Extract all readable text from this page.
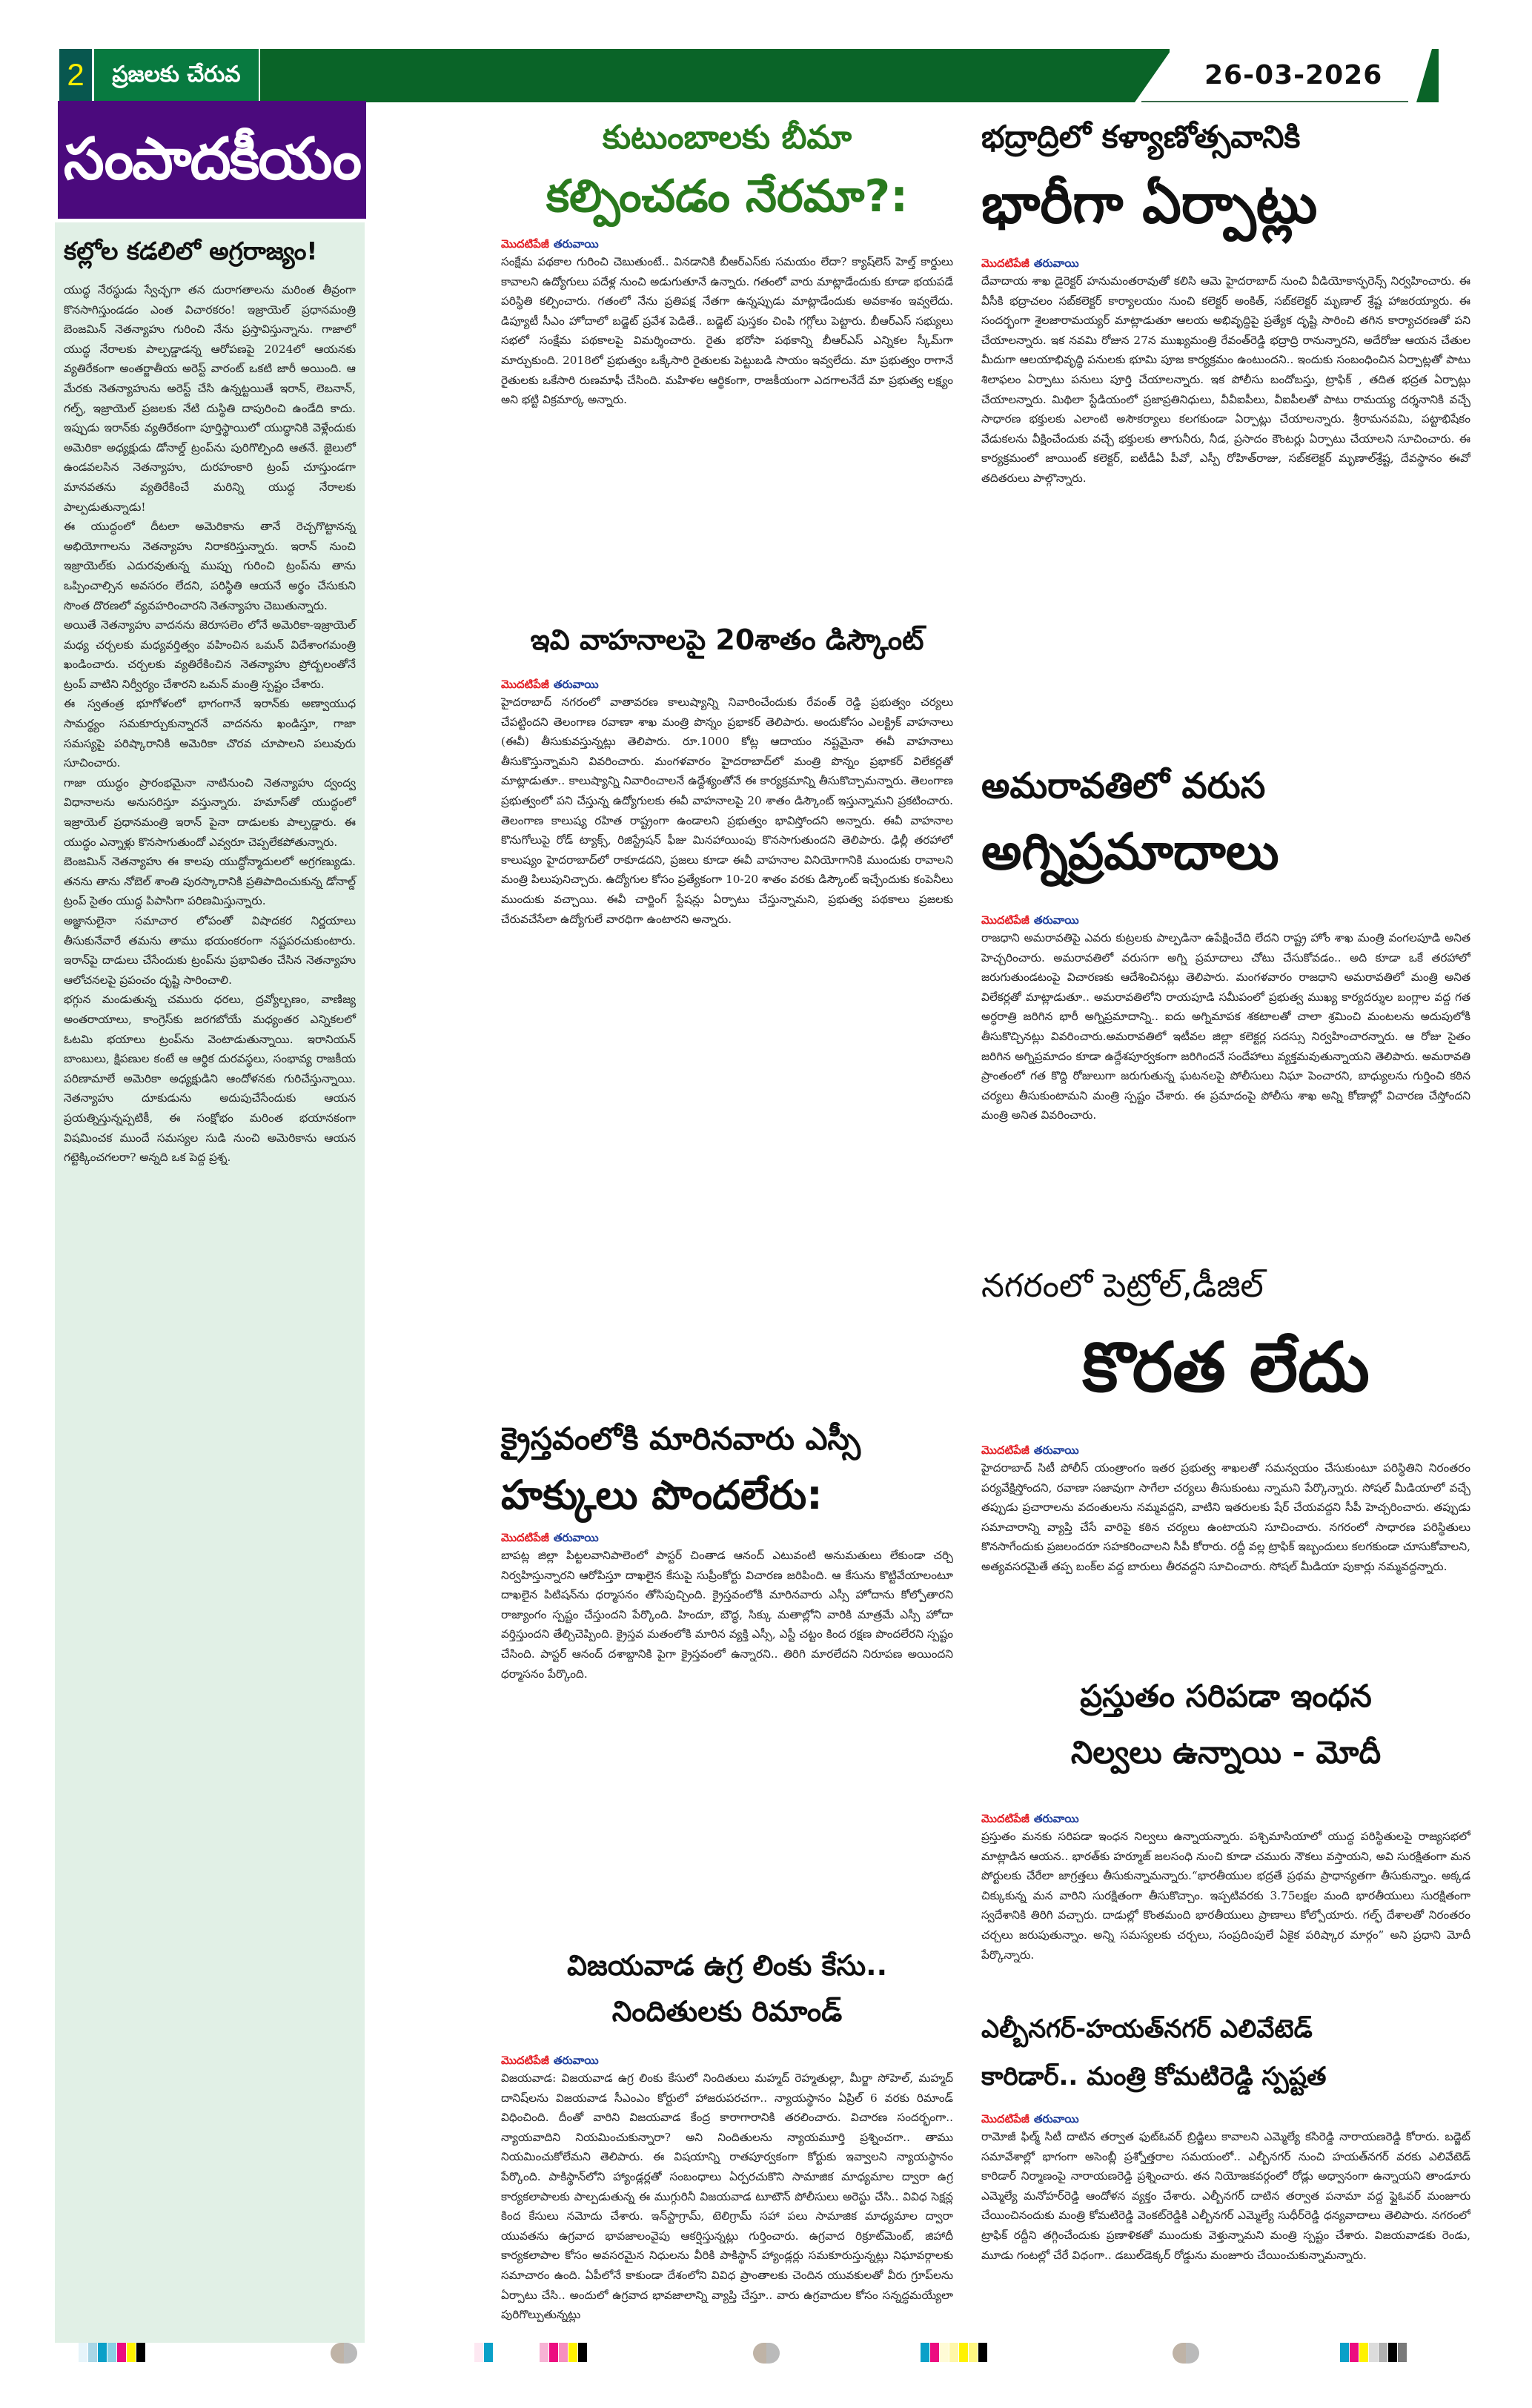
2	ప్రజలకు చేరువ	26-03-2026
సంపాదకీయం
కల్లోల కడలిలో అగ్రరాజ్యం!

యుద్ధ నేరస్థుడు స్వేచ్ఛగా తన దురాగతాలను మరింత తీవ్రంగా కొనసాగిస్తుండడం ఎంత విచారకరం! ఇజ్రాయెల్ ప్రధానమంత్రి బెంజమిన్ నెతన్యాహు గురించి నేను ప్రస్తావిస్తున్నాను. గాజాలో యుద్ధ నేరాలకు పాల్పడ్డాడన్న ఆరోపణపై 2024లో ఆయనకు వ్యతిరేకంగా అంతర్జాతీయ అరెస్ట్ వారంట్ ఒకటి జారీ అయింది. ఆ మేరకు నెతన్యాహును అరెస్ట్ చేసి ఉన్నట్టయితే ఇరాన్, లెబనాన్, గల్ఫ్, ఇజ్రాయెల్ ప్రజలకు నేటి దుస్థితి దాపురించి ఉండేది కాదు. ఇప్పుడు ఇరాన్‌కు వ్యతిరేకంగా పూర్తిస్థాయిలో యుద్ధానికి వెళ్లేందుకు అమెరికా అధ్యక్షుడు డోనాల్డ్ ట్రంప్‌ను పురిగొల్పింది ఆతనే. జైలులో ఉండవలసిన నెతన్యాహు, దురహంకారి ట్రంప్ చూస్తుండగా మానవతను వ్యతిరేకించే మరిన్ని యుద్ధ నేరాలకు పాల్పడుతున్నాడు!

ఈ యుద్ధంలో దీటలా అమెరికాను తానే రెచ్చగొట్టానన్న అభియోగాలను నెతన్యాహు నిరాకరిస్తున్నారు. ఇరాన్ నుంచి ఇజ్రాయెల్‌కు ఎదురవుతున్న ముప్పు గురించి ట్రంప్‌ను తాను ఒప్పించాల్సిన అవసరం లేదని, పరిస్థితి ఆయనే అర్థం చేసుకుని సొంత దొరణలో వ్యవహరించారని నెతన్యాహు చెబుతున్నారు.

అయితే నెతన్యాహు వాదనను జెరూసలెం లోనే అమెరికా-ఇజ్రాయెల్ మధ్య చర్చలకు మధ్యవర్తిత్వం వహించిన ఒమన్ విదేశాంగమంత్రి ఖండించారు. చర్చలకు వ్యతిరేకించిన నెతన్యాహు ప్రోద్బలంతోనే ట్రంప్ వాటిని నిర్వీర్యం చేశారని ఒమన్ మంత్రి స్పష్టం చేశారు.

ఈ స్వతంత్ర భూగోళంలో భాగంగానే ఇరాన్‌కు అణ్వాయుధ సామర్థ్యం సమకూర్చుకున్నారనే వాదనను ఖండిస్తూ, గాజా సమస్యపై పరిష్కారానికి అమెరికా చొరవ చూపాలని పలువురు సూచించారు.

గాజా యుద్ధం ప్రారంభమైనా నాటినుంచి నెతన్యాహు ద్వంద్వ విధానాలను అనుసరిస్తూ వస్తున్నారు. హమాస్‌తో యుద్ధంలో ఇజ్రాయెల్ ప్రధానమంత్రి ఇరాన్ పైనా దాడులకు పాల్పడ్డారు. ఈ యుద్ధం ఎన్నాళ్లు కొనసాగుతుందో ఎవ్వరూ చెప్పలేకపోతున్నారు.

బెంజమిన్ నెతన్యాహు ఈ కాలపు యుద్ధోన్మాదులలో అగ్రగణ్యుడు. తనను తాను నోబెల్ శాంతి పురస్కారానికి ప్రతిపాదించుకున్న డోనాల్డ్ ట్రంప్ సైతం యుద్ధ పిపాసిగా పరిణమిస్తున్నారు.

అజ్ఞానులైనా సమాచార లోపంతో విషాదకర నిర్ణయాలు తీసుకునేవారే తమను తాము భయంకరంగా నష్టపరచుకుంటారు. ఇరాన్‌పై దాడులు చేసేందుకు ట్రంప్‌ను ప్రభావితం చేసిన నెతన్యాహు ఆలోచనలపై ప్రపంచం దృష్టి సారించాలి.

భగ్గున మండుతున్న చమురు ధరలు, ద్రవ్యోల్బణం, వాణిజ్య అంతరాయాలు, కాంగ్రెస్‌కు జరగబోయే మధ్యంతర ఎన్నికలలో ఓటమి భయాలు ట్రంప్‌ను వెంటాడుతున్నాయి. ఇరానియన్ బాంబులు, క్షిపణుల కంటే ఆ ఆర్థిక దురవస్థలు, సంభావ్య రాజకీయ పరిణామాలే అమెరికా అధ్యక్షుడిని ఆందోళనకు గురిచేస్తున్నాయి. నెతన్యాహు దూకుడును అదుపుచేసేందుకు ఆయన ప్రయత్నిస్తున్నప్పటికీ, ఈ సంక్షోభం మరింత భయానకంగా విషమించక ముందే సమస్యల సుడి నుంచి అమెరికాను ఆయన గట్టెక్కించగలరా? అన్నది ఒక పెద్ద ప్రశ్న.

కుటుంబాలకు బీమా
కల్పించడం నేరమా?:
మొదటిపేజీ తరువాయి
సంక్షేమ పథకాల గురించి చెబుతుంటే.. వినడానికి బీఆర్‌ఎస్‌కు సమయం లేదా? క్యాష్‌లెస్ హెల్త్ కార్డులు కావాలని ఉద్యోగులు పదేళ్ల నుంచి అడుగుతూనే ఉన్నారు. గతంలో వారు మాట్లాడేందుకు కూడా భయపడే పరిస్థితి కల్పించారు. గతంలో నేను ప్రతిపక్ష నేతగా ఉన్నప్పుడు మాట్లాడేందుకు అవకాశం ఇవ్వలేదు. డిప్యూటీ సీఎం హోదాలో బడ్జెట్ ప్రవేశ పెడితే.. బడ్జెట్ పుస్తకం చింపి గగ్గోలు పెట్టారు. బీఆర్‌ఎస్ సభ్యులు సభలో సంక్షేమ పథకాలపై విమర్శించారు. రైతు భరోసా పథకాన్ని బీఆర్‌ఎస్ ఎన్నికల స్కీమ్‌గా మార్చుకుంది. 2018లో ప్రభుత్వం ఒక్కేసారి రైతులకు పెట్టుబడి సాయం ఇవ్వలేదు. మా ప్రభుత్వం రాగానే రైతులకు ఒకేసారి రుణమాఫీ చేసింది. మహిళల ఆర్థికంగా, రాజకీయంగా ఎదగాలనేదే మా ప్రభుత్వ లక్ష్యం అని భట్టి విక్రమార్క అన్నారు.
ఇవి వాహనాలపై 20శాతం డిస్కౌంట్
మొదటిపేజీ తరువాయి
హైదరాబాద్ నగరంలో వాతావరణ కాలుష్యాన్ని నివారించేందుకు రేవంత్ రెడ్డి ప్రభుత్వం చర్యలు చేపట్టిందని తెలంగాణ రవాణా శాఖ మంత్రి పొన్నం ప్రభాకర్ తెలిపారు. అందుకోసం ఎలక్ట్రిక్ వాహనాలు (ఈవీ) తీసుకువస్తున్నట్లు తెలిపారు. రూ.1000 కోట్ల ఆదాయం నష్టమైనా ఈవీ వాహనాలు తీసుకొస్తున్నామని వివరించారు. మంగళవారం హైదరాబాద్‌లో మంత్రి పొన్నం ప్రభాకర్ విలేకర్లతో మాట్లాడుతూ.. కాలుష్యాన్ని నివారించాలనే ఉద్దేశ్యంతోనే ఈ కార్యక్రమాన్ని తీసుకొచ్చామన్నారు. తెలంగాణ ప్రభుత్వంలో పని చేస్తున్న ఉద్యోగులకు ఈవీ వాహనాలపై 20 శాతం డిస్కౌంట్ ఇస్తున్నామని ప్రకటించారు. తెలంగాణ కాలుష్య రహిత రాష్ట్రంగా ఉండాలని ప్రభుత్వం భావిస్తోందని అన్నారు. ఈవీ వాహనాల కొనుగోలుపై రోడ్ ట్యాక్స్, రిజిస్ట్రేషన్ ఫీజు మినహాయింపు కొనసాగుతుందని తెలిపారు. ఢిల్లీ తరహాలో కాలుష్యం హైదరాబాద్‌లో రాకూడదని, ప్రజలు కూడా ఈవీ వాహనాల వినియోగానికి ముందుకు రావాలని మంత్రి పిలుపునిచ్చారు. ఉద్యోగుల కోసం ప్రత్యేకంగా 10-20 శాతం వరకు డిస్కౌంట్ ఇచ్చేందుకు కంపెనీలు ముందుకు వచ్చాయి. ఈవీ చార్జింగ్ స్టేషన్లు ఏర్పాటు చేస్తున్నామని, ప్రభుత్వ పథకాలు ప్రజలకు చేరువచేసేలా ఉద్యోగులే వారధిగా ఉంటారని అన్నారు.
క్రైస్తవంలోకి మారినవారు ఎస్సీ
హక్కులు పొందలేరు:
మొదటిపేజీ తరువాయి
బాపట్ల జిల్లా పిట్టలవానిపాలెంలో పాస్టర్ చింతాడ ఆనంద్ ఎటువంటి అనుమతులు లేకుండా చర్చి నిర్వహిస్తున్నారని ఆరోపిస్తూ దాఖలైన కేసుపై సుప్రీంకోర్టు విచారణ జరిపింది. ఆ కేసును కొట్టివేయాలంటూ దాఖలైన పిటిషన్‌ను ధర్మాసనం తోసిపుచ్చింది. క్రైస్తవంలోకి మారినవారు ఎస్సీ హోదాను కోల్పోతారని రాజ్యాంగం స్పష్టం చేస్తుందని పేర్కొంది. హిందూ, బౌద్ధ, సిక్కు మతాల్లోని వారికి మాత్రమే ఎస్సీ హోదా వర్తిస్తుందని తేల్చిచెప్పింది. క్రైస్తవ మతంలోకి మారిన వ్యక్తి ఎస్సీ, ఎస్టీ చట్టం కింద రక్షణ పొందలేరని స్పష్టం చేసింది. పాస్టర్ ఆనంద్ దశాబ్దానికి పైగా క్రైస్తవంలో ఉన్నారని.. తిరిగి మారలేదని నిరూపణ అయిందని ధర్మాసనం పేర్కొంది.
విజయవాడ ఉగ్ర లింకు కేసు..
నిందితులకు రిమాండ్
మొదటిపేజీ తరువాయి
విజయవాడ: విజయవాడ ఉగ్ర లింకు కేసులో నిందితులు మహ్మద్ రెహ్మతుల్లా, మీర్జా సోహెల్, మహ్మద్ దానిష్‌లను విజయవాడ సీఎంఎం కోర్టులో హాజరుపరచగా.. న్యాయస్థానం ఏప్రిల్ 6 వరకు రిమాండ్ విధించింది. దీంతో వారిని విజయవాడ కేంద్ర కారాగారానికి తరలించారు. విచారణ సందర్భంగా.. న్యాయవాదిని నియమించుకున్నారా? అని నిందితులను న్యాయమూర్తి ప్రశ్నించగా.. తాము నియమించుకోలేమని తెలిపారు. ఈ విషయాన్ని రాతపూర్వకంగా కోర్టుకు ఇవ్వాలని న్యాయస్థానం పేర్కొంది. పాకిస్థాన్‌లోని హ్యాండ్లర్లతో సంబంధాలు ఏర్పరచుకొని సామాజిక మాధ్యమాల ద్వారా ఉగ్ర కార్యకలాపాలకు పాల్పడుతున్న ఈ ముగ్గురినీ విజయవాడ టూటౌన్ పోలీసులు అరెస్టు చేసి.. వివిధ సెక్షన్ల కింద కేసులు నమోదు చేశారు. ఇన్‌స్టాగ్రామ్, టెలిగ్రామ్ సహా పలు సామాజిక మాధ్యమాల ద్వారా యువతను ఉగ్రవాద భావజాలంవైపు ఆకర్షిస్తున్నట్లు గుర్తించారు. ఉగ్రవాద రిక్రూట్‌మెంట్, జిహాదీ కార్యకలాపాల కోసం అవసరమైన నిధులను వీరికి పాకిస్థాన్ హ్యాండ్లర్లు సమకూరుస్తున్నట్లు నిఘావర్గాలకు సమాచారం ఉంది. ఏపీలోనే కాకుండా దేశంలోని వివిధ ప్రాంతాలకు చెందిన యువకులతో వీరు గ్రూప్‌లను ఏర్పాటు చేసి.. అందులో ఉగ్రవాద భావజాలాన్ని వ్యాప్తి చేస్తూ.. వారు ఉగ్రవాదుల కోసం సన్నద్ధమయ్యేలా పురిగొల్పుతున్నట్లు
భద్రాద్రిలో కళ్యాణోత్సవానికి
భారీగా ఏర్పాట్లు
మొదటిపేజీ తరువాయి
దేవాదాయ శాఖ డైరెక్టర్ హనుమంతరావుతో కలిసి ఆమె హైదరాబాద్ నుంచి వీడియోకాన్ఫరెన్స్ నిర్వహించారు. ఈ వీసీకి భద్రాచలం సబ్‌కలెక్టర్ కార్యాలయం నుంచి కలెక్టర్ అంకిత్, సబ్‌కలెక్టర్ మృణాల్ శ్రేష్ట హాజరయ్యారు. ఈ సందర్భంగా శైలజారామయ్యర్ మాట్లాడుతూ ఆలయ అభివృద్ధిపై ప్రత్యేక దృష్టి సారించి తగిన కార్యాచరణతో పని చేయాలన్నారు. ఇక నవమి రోజున 27న ముఖ్యమంత్రి రేవంత్‌రెడ్డి భద్రాద్రి రానున్నారని, అదేరోజు ఆయన చేతుల మీదుగా ఆలయాభివృద్ధి పనులకు భూమి పూజ కార్యక్రమం ఉంటుందని.. ఇందుకు సంబంధించిన ఏర్పాట్లతో పాటు శిలాఫలం ఏర్పాటు పనులు పూర్తి చేయాలన్నారు. ఇక పోలీసు బందోబస్తు, ట్రాఫిక్ , తదిత భద్రత ఏర్పాట్లు చేయాలన్నారు. మిథిలా స్టేడియంలో ప్రజాప్రతినిధులు, వీవీఐపీలు, వీఐపీలతో పాటు రామయ్య దర్శనానికి వచ్చే సాధారణ భక్తులకు ఎలాంటి అసౌకర్యాలు కలగకుండా ఏర్పాట్లు చేయాలన్నారు. శ్రీరామనవమి, పట్టాభిషేకం వేడుకలను వీక్షించేందుకు వచ్చే భక్తులకు తాగునీరు, నీడ, ప్రసాదం కౌంటర్లు ఏర్పాటు చేయాలని సూచించారు. ఈ కార్యక్రమంలో జాయింట్ కలెక్టర్, ఐటీడీఏ పీవో, ఎస్పీ రోహిత్‌రాజు, సబ్‌కలెక్టర్ మృణాల్‌శ్రేష్ట, దేవస్థానం ఈవో తదితరులు పాల్గొన్నారు.
అమరావతిలో వరుస
అగ్నిప్రమాదాలు
మొదటిపేజీ తరువాయి
రాజధాని అమరావతిపై ఎవరు కుట్రలకు పాల్పడినా ఉపేక్షించేది లేదని రాష్ట్ర హోం శాఖ మంత్రి వంగలపూడి అనిత హెచ్చరించారు. అమరావతిలో వరుసగా అగ్ని ప్రమాదాలు చోటు చేసుకోవడం.. అది కూడా ఒకే తరహాలో జరుగుతుండటంపై విచారణకు ఆదేశించినట్లు తెలిపారు. మంగళవారం రాజధాని అమరావతిలో మంత్రి అనిత విలేకర్లతో మాట్లాడుతూ.. అమరావతిలోని రాయపూడి సమీపంలో ప్రభుత్వ ముఖ్య కార్యదర్శుల బంగ్లాల వద్ద గత అర్ధరాత్రి జరిగిన భారీ అగ్నిప్రమాదాన్ని.. ఐదు అగ్నిమాపక శకటాలతో చాలా శ్రమించి మంటలను అదుపులోకి తీసుకొచ్చినట్లు వివరించారు.అమరావతిలో ఇటీవల జిల్లా కలెక్టర్ల సదస్సు నిర్వహించారన్నారు. ఆ రోజు సైతం జరిగిన అగ్నిప్రమాదం కూడా ఉద్దేశపూర్వకంగా జరిగిందనే సందేహాలు వ్యక్తమవుతున్నాయని తెలిపారు. అమరావతి ప్రాంతంలో గత కొద్ది రోజులుగా జరుగుతున్న ఘటనలపై పోలీసులు నిఘా పెంచారని, బాధ్యులను గుర్తించి కఠిన చర్యలు తీసుకుంటామని మంత్రి స్పష్టం చేశారు. ఈ ప్రమాదంపై పోలీసు శాఖ అన్ని కోణాల్లో విచారణ చేస్తోందని మంత్రి అనిత వివరించారు.
నగరంలో పెట్రోల్,డీజిల్
కొరత లేదు
మొదటిపేజీ తరువాయి
హైదరాబాద్ సిటీ పోలీస్ యంత్రాంగం ఇతర ప్రభుత్వ శాఖలతో సమన్వయం చేసుకుంటూ పరిస్థితిని నిరంతరం పర్యవేక్షిస్తోందని, రవాణా సజావుగా సాగేలా చర్యలు తీసుకుంటు న్నామని పేర్కొన్నారు. సోషల్ మీడియాలో వచ్చే తప్పుడు ప్రచారాలను వదంతులను నమ్మవద్దని, వాటిని ఇతరులకు షేర్ చేయవద్దని సీపీ హెచ్చరించారు. తప్పుడు సమాచారాన్ని వ్యాప్తి చేసే వారిపై కఠిన చర్యలు ఉంటాయని సూచించారు. నగరంలో సాధారణ పరిస్థితులు కొనసాగేందుకు ప్రజలందరూ సహకరించాలని సీపీ కోరారు. రద్దీ వల్ల ట్రాఫిక్ ఇబ్బందులు కలగకుండా చూసుకోవాలని, అత్యవసరమైతే తప్ప బంక్‌ల వద్ద బారులు తీరవద్దని సూచించారు. సోషల్ మీడియా పుకార్లు నమ్మవద్దన్నారు.
ప్రస్తుతం సరిపడా ఇంధన
నిల్వలు ఉన్నాయి - మోదీ
మొదటిపేజీ తరువాయి
ప్రస్తుతం మనకు సరిపడా ఇంధన నిల్వలు ఉన్నాయన్నారు. పశ్చిమాసియాలో యుద్ధ పరిస్థితులపై రాజ్యసభలో మాట్లాడిన ఆయన.. భారత్‌కు హర్మూజ్ జలసంధి నుంచి కూడా చమురు నౌకలు వస్తాయని, అవి సురక్షితంగా మన పోర్టులకు చేరేలా జాగ్రత్తలు తీసుకున్నామన్నారు.“భారతీయుల భద్రతే ప్రథమ ప్రాధాన్యతగా తీసుకున్నాం. అక్కడ చిక్కుకున్న మన వారిని సురక్షితంగా తీసుకొచ్చాం. ఇప్పటివరకు 3.75లక్షల మంది భారతీయులు సురక్షితంగా స్వదేశానికి తిరిగి వచ్చారు. దాడుల్లో కొంతమంది భారతీయులు ప్రాణాలు కోల్పోయారు. గల్ఫ్ దేశాలతో నిరంతరం చర్చలు జరుపుతున్నాం. అన్ని సమస్యలకు చర్చలు, సంప్రదింపులే ఏకైక పరిష్కార మార్గం” అని ప్రధాని మోదీ పేర్కొన్నారు.
ఎల్బీనగర్-హయత్‌నగర్ ఎలివేటెడ్
కారిడార్.. మంత్రి కోమటిరెడ్డి స్పష్టత
మొదటిపేజీ తరువాయి
రామోజీ ఫిల్మ్ సిటీ దాటిన తర్వాత ఫుట్‌ఓవర్ బ్రిడ్జిలు కావాలని ఎమ్మెల్యే కసిరెడ్డి నారాయణరెడ్డి కోరారు. బడ్జెట్ సమావేశాల్లో భాగంగా అసెంబ్లీ ప్రశ్నోత్తరాల సమయంలో.. ఎల్బీనగర్ నుంచి హయత్‌నగర్ వరకు ఎలివేటెడ్ కారిడార్ నిర్మాణంపై నారాయణరెడ్డి ప్రశ్నించారు. తన నియోజకవర్గంలో రోడ్లు అధ్వానంగా ఉన్నాయని తాండూరు ఎమ్మెల్యే మనోహర్‌రెడ్డి ఆందోళన వ్యక్తం చేశారు. ఎల్బీనగర్ దాటిన తర్వాత పనామా వద్ద ఫ్లైఓవర్ మంజూరు చేయించినందుకు మంత్రి కోమటిరెడ్డి వెంకట్‌రెడ్డికి ఎల్బీనగర్ ఎమ్మెల్యే సుధీర్‌రెడ్డి ధన్యవాదాలు తెలిపారు. నగరంలో ట్రాఫిక్ రద్దీని తగ్గించేందుకు ప్రణాళికతో ముందుకు వెళ్తున్నామని మంత్రి స్పష్టం చేశారు. విజయవాడకు రెండు, మూడు గంటల్లో చేరే విధంగా.. డబుల్‌డెక్కర్ రోడ్డును మంజూరు చేయించుకున్నామన్నారు.
